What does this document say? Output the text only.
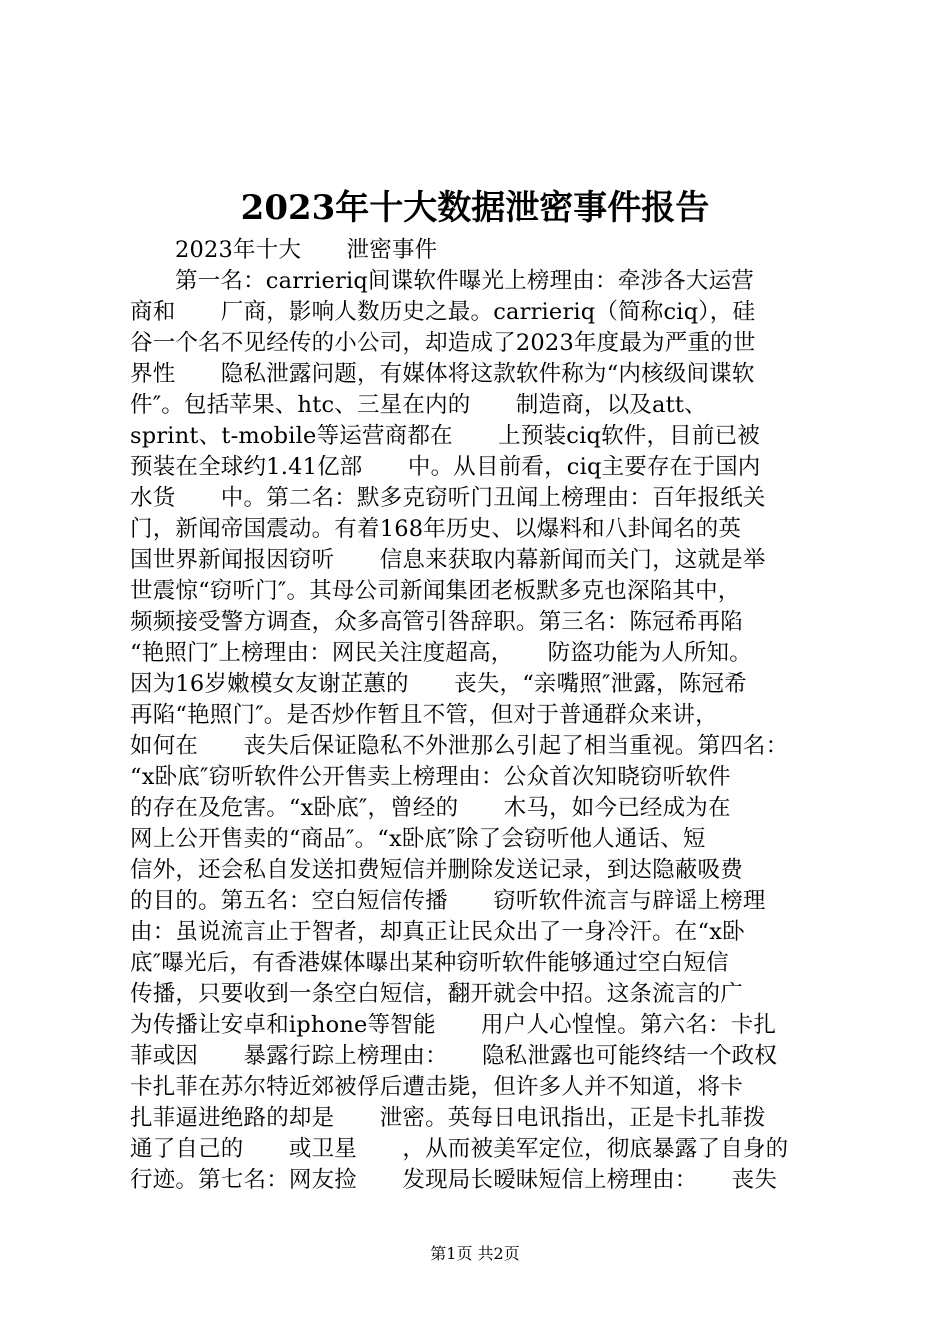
2023年十大数据泄密事件报告
2023年十大　　泄密事件
第一名：carrieriq间谍软件曝光上榜理由：牵涉各大运营
商和　　厂商，影响人数历史之最。carrieriq（简称ciq），硅
谷一个名不见经传的小公司，却造成了2023年度最为严重的世
界性　　隐私泄露问题，有媒体将这款软件称为“内核级间谍软
件″。包括苹果、htc、三星在内的　　制造商，以及att、
sprint、t-mobile等运营商都在　　上预装ciq软件，目前已被
预装在全球约1.41亿部　　中。从目前看，ciq主要存在于国内
水货　　中。第二名：默多克窃听门丑闻上榜理由：百年报纸关
门，新闻帝国震动。有着168年历史、以爆料和八卦闻名的英
国世界新闻报因窃听　　信息来获取内幕新闻而关门，这就是举
世震惊“窃听门″。其母公司新闻集团老板默多克也深陷其中，
频频接受警方调查，众多高管引咎辞职。第三名：陈冠希再陷
“艳照门″上榜理由：网民关注度超高，　　防盗功能为人所知。
因为16岁嫩模女友谢芷蕙的　　丧失，“亲嘴照″泄露，陈冠希
再陷“艳照门″。是否炒作暂且不管，但对于普通群众来讲，
如何在　　丧失后保证隐私不外泄那么引起了相当重视。第四名：
“x卧底″窃听软件公开售卖上榜理由：公众首次知晓窃听软件
的存在及危害。“x卧底″，曾经的　　木马，如今已经成为在
网上公开售卖的“商品″。“x卧底″除了会窃听他人通话、短
信外，还会私自发送扣费短信并删除发送记录，到达隐蔽吸费
的目的。第五名：空白短信传播　　窃听软件流言与辟谣上榜理
由：虽说流言止于智者，却真正让民众出了一身冷汗。在“x卧
底″曝光后，有香港媒体曝出某种窃听软件能够通过空白短信
传播，只要收到一条空白短信，翻开就会中招。这条流言的广
为传播让安卓和iphone等智能　　用户人心惶惶。第六名：卡扎
菲或因　　暴露行踪上榜理由：　　隐私泄露也可能终结一个政权
卡扎菲在苏尔特近郊被俘后遭击毙，但许多人并不知道，将卡
扎菲逼进绝路的却是　　泄密。英每日电讯指出，正是卡扎菲拨
通了自己的　　或卫星　　，从而被美军定位，彻底暴露了自身的
行迹。第七名：网友捡　　发现局长暧昧短信上榜理由：　　丧失
第1页 共2页
